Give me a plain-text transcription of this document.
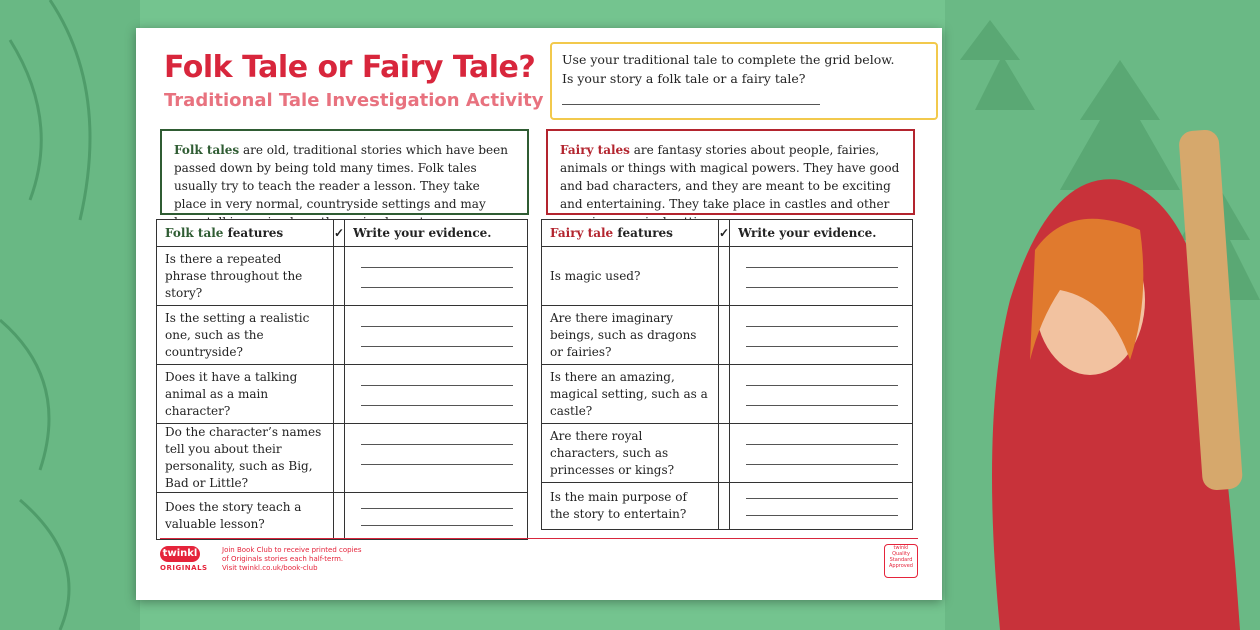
Folk Tale or Fairy Tale?
Traditional Tale Investigation Activity
Use your traditional tale to complete the grid below.
Is your story a folk tale or a fairy tale?
Folk tales are old, traditional stories which have been passed down by being told many times. Folk tales usually try to teach the reader a lesson. They take place in very normal, countryside settings and may
Fairy tales are fantasy stories about people, fairies, animals or things with magical powers. They have good and bad characters, and they are meant to be exciting and entertaining. They take place in castles and other
Folk tale features	✓	Write your evidence.
Is there a repeated phrase throughout the story?		

Is the setting a realistic one, such as the countryside?		

Does it have a talking animal as a main character?		

Do the character’s names tell you about their personality, such as Big, Bad or Little?		

Does the story teach a valuable lesson?		
Fairy tale features	✓	Write your evidence.
Is magic used?		

Are there imaginary beings, such as dragons or fairies?		

Is there an amazing, magical setting, such as a castle?		

Are there royal characters, such as princesses or kings?		

Is the main purpose of the story to entertain?		
twinkl
ORIGINALS
Join Book Club to receive printed copies
of Originals stories each half-term.
Visit twinkl.co.uk/book-club
twinkl Quality Standard Approved
